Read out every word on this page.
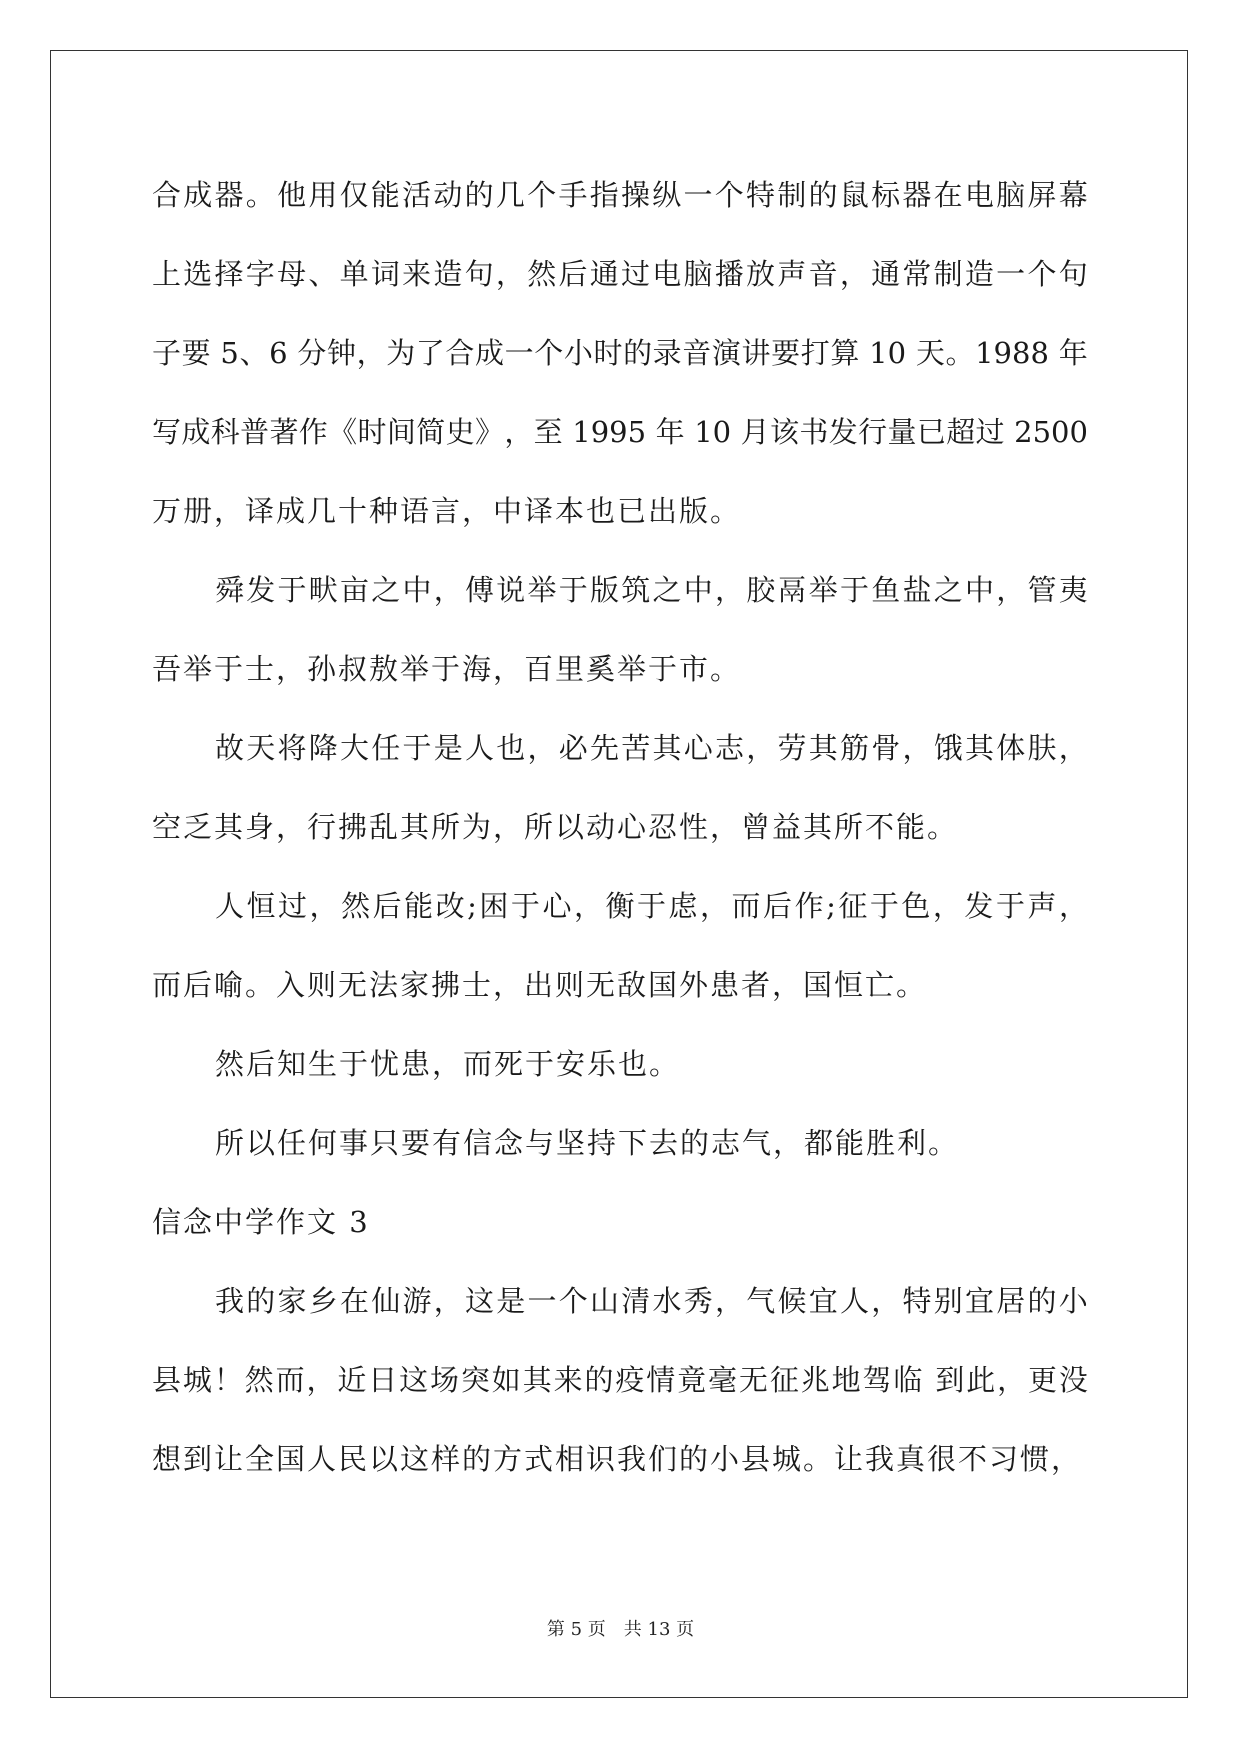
合 成 器 。 他 用 仅 能 活 动 的 几 个 手 指 操 纵 一 个 特 制 的 鼠 标 器 在 电 脑 屏 幕
上 选 择 字 母 、 单 词 来 造 句 ， 然 后 通 过 电 脑 播 放 声 音 ， 通 常 制 造 一 个 句
子 要 5 、 6 分 钟 ， 为 了 合 成 一 个 小 时 的 录 音 演 讲 要 打 算 10 天 。 1988 年
写 成 科 普 著 作 《 时 间 简 史 》 ， 至 1995 年 10 月 该 书 发 行 量 已 超 过 2500
万册，译成几十种语言，中译本也已出版。
舜 发 于 畎 亩 之 中 ， 傅 说 举 于 版 筑 之 中 ， 胶 鬲 举 于 鱼 盐 之 中 ， 管 夷
吾举于士，孙叔敖举于海，百里奚举于市。
故 天 将 降 大 任 于 是 人 也 ， 必 先 苦 其 心 志 ， 劳 其 筋 骨 ， 饿 其 体 肤 ，
空乏其身，行拂乱其所为，所以动心忍性，曾益其所不能。
人 恒 过 ， 然 后 能 改 ; 困 于 心 ， 衡 于 虑 ， 而 后 作 ; 征 于 色 ， 发 于 声 ，
而后喻。入则无法家拂士，出则无敌国外患者，国恒亡。
然后知生于忧患，而死于安乐也。
所以任何事只要有信念与坚持下去的志气，都能胜利。
信念中学作文 3
我 的 家 乡 在 仙 游 ， 这 是 一 个 山 清 水 秀 ， 气 候 宜 人 ， 特 别 宜 居 的 小
县 城 ！ 然 而 ， 近 日 这 场 突 如 其 来 的 疫 情 竟 毫 无 征 兆 地 驾 临
到 此 ， 更 没
想到让全国人民以这样的方式相识我们的小县城。让我真很不习惯，
第 5 页　共 13 页
